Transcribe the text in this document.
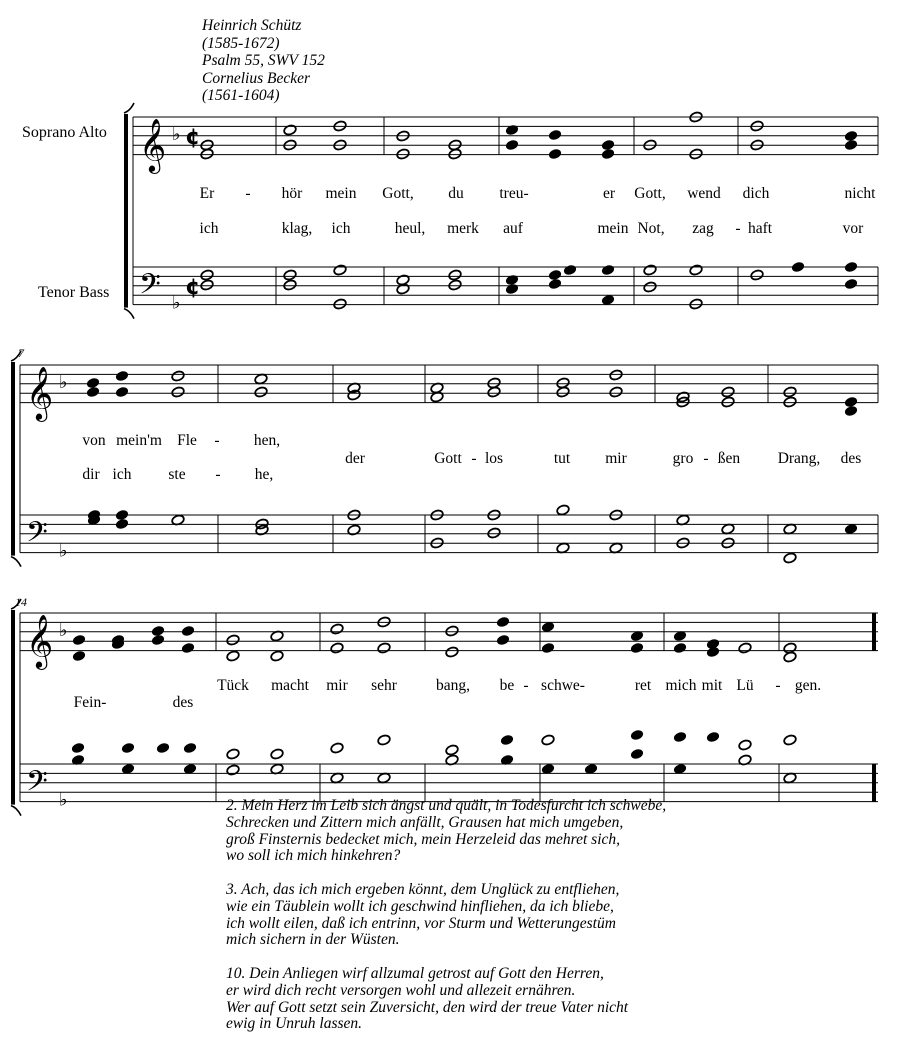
Heinrich Schütz
(1585-1672)
Psalm 55, SWV 152
Cornelius Becker
(1561-1604)
Soprano Alto
Tenor Bass
7
14
𝄞
𝄢
♭
♭
¢
¢
𝄞
𝄢
♭
♭
𝄞
𝄢
♭
♭
Er - hör mein Gott, du treu-	er Gott, wend dich	nicht
ich	klag, ich	heul, merk auf	mein Not, zag - haft	vor
von mein'm Fle - hen,
der	Gott - los	tut mir	gro - ßen Drang, des
dir ich ste - he,
Tück macht mir sehr	bang, be - schwe-	ret mich mit Lü - gen.
Fein-	des
2. Mein Herz im Leib sich ängst und quält, in Todesfurcht ich schwebe,
Schrecken und Zittern mich anfällt, Grausen hat mich umgeben,
groß Finsternis bedecket mich, mein Herzeleid das mehret sich,
wo soll ich mich hinkehren?
3. Ach, das ich mich ergeben könnt, dem Unglück zu entfliehen,
wie ein Täublein wollt ich geschwind hinfliehen, da ich bliebe,
ich wollt eilen, daß ich entrinn, vor Sturm und Wetterungestüm
mich sichern in der Wüsten.
10. Dein Anliegen wirf allzumal getrost auf Gott den Herren,
er wird dich recht versorgen wohl und allezeit ernähren.
Wer auf Gott setzt sein Zuversicht, den wird der treue Vater nicht
ewig in Unruh lassen.
